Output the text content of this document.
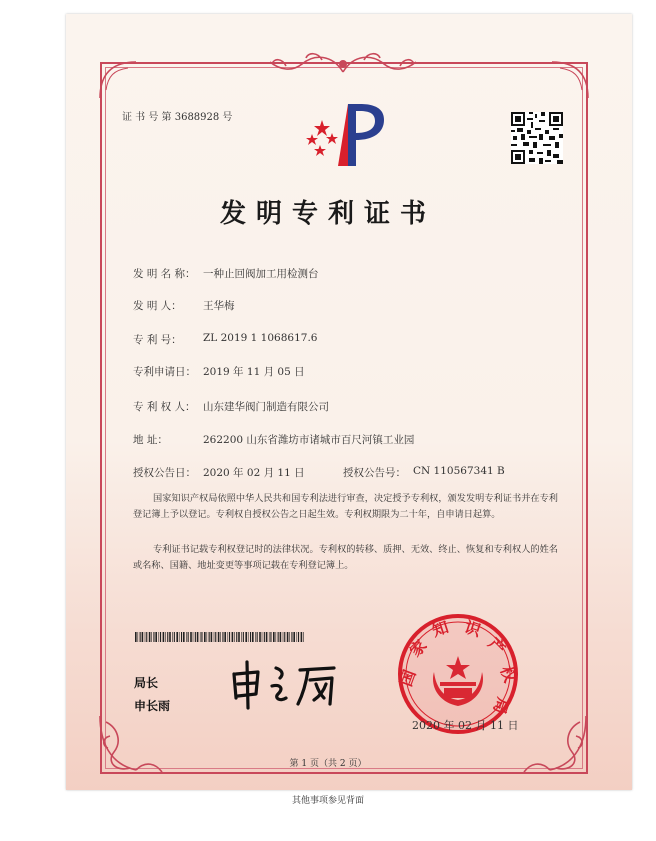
证 书 号 第 3688928 号
发明专利证书
发 明 名 称： 一种止回阀加工用检测台
发 明 人： 王华梅
专 利 号： ZL 2019 1 1068617.6
专利申请日： 2019 年 11 月 05 日
专 利 权 人： 山东建华阀门制造有限公司
地 址：	262200 山东省潍坊市诸城市百尺河镇工业园
授权公告日： 2020 年 02 月 11 日	授权公告号： CN 110567341 B
国家知识产权局依照中华人民共和国专利法进行审查，决定授予专利权，颁发发明专利证书并在专利登记簿上予以登记。专利权自授权公告之日起生效。专利权期限为二十年，自申请日起算。
专利证书记载专利权登记时的法律状况。专利权的转移、质押、无效、终止、恢复和专利权人的姓名或名称、国籍、地址变更等事项记载在专利登记簿上。
局长
申长雨
国
家
知 识
产
权
局
2020 年 02 月 11 日
第 1 页（共 2 页）
其他事项参见背面
